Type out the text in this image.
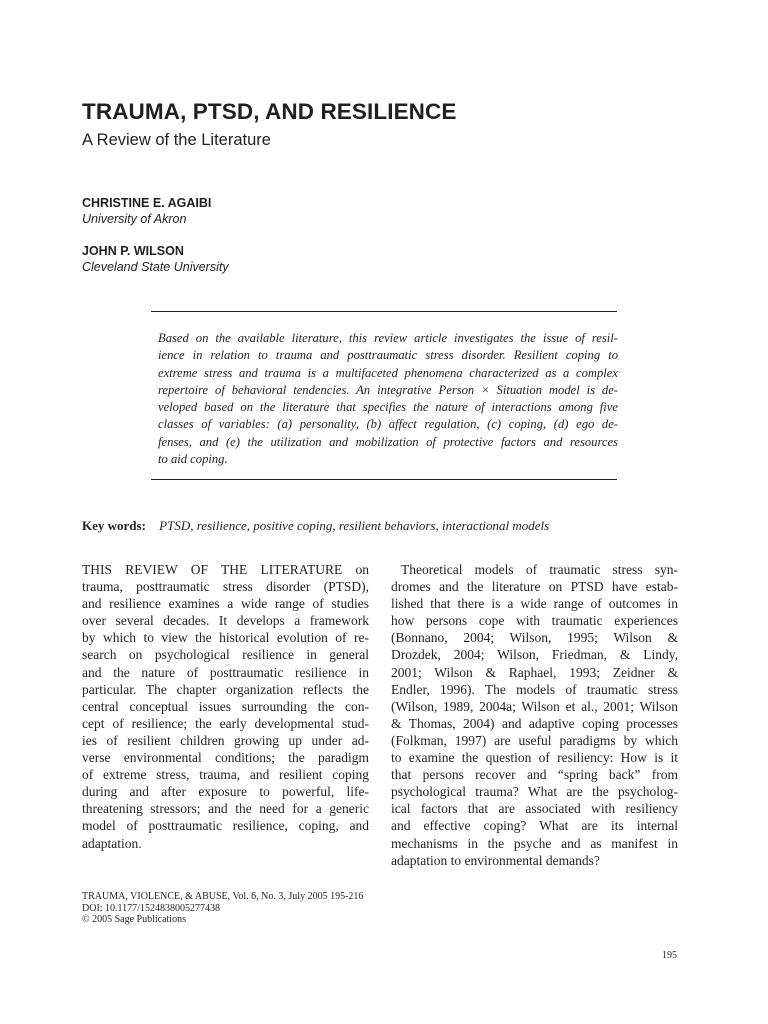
TRAUMA, PTSD, AND RESILIENCE
A Review of the Literature
CHRISTINE E. AGAIBI
University of Akron
JOHN P. WILSON
Cleveland State University
Based on the available literature, this review article investigates the issue of resil-
ience in relation to trauma and posttraumatic stress disorder. Resilient coping to
extreme stress and trauma is a multifaceted phenomena characterized as a complex
repertoire of behavioral tendencies. An integrative Person × Situation model is de-
veloped based on the literature that specifies the nature of interactions among five
classes of variables: (a) personality, (b) affect regulation, (c) coping, (d) ego de-
fenses, and (e) the utilization and mobilization of protective factors and resources
to aid coping.
Key words: PTSD, resilience, positive coping, resilient behaviors, interactional models
THIS REVIEW OF THE LITERATURE on
trauma, posttraumatic stress disorder (PTSD),
and resilience examines a wide range of studies
over several decades. It develops a framework
by which to view the historical evolution of re-
search on psychological resilience in general
and the nature of posttraumatic resilience in
particular. The chapter organization reflects the
central conceptual issues surrounding the con-
cept of resilience; the early developmental stud-
ies of resilient children growing up under ad-
verse environmental conditions; the paradigm
of extreme stress, trauma, and resilient coping
during and after exposure to powerful, life-
threatening stressors; and the need for a generic
model of posttraumatic resilience, coping, and
adaptation.
Theoretical models of traumatic stress syn-
dromes and the literature on PTSD have estab-
lished that there is a wide range of outcomes in
how persons cope with traumatic experiences
(Bonnano, 2004; Wilson, 1995; Wilson &
Drozdek, 2004; Wilson, Friedman, & Lindy,
2001; Wilson & Raphael, 1993; Zeidner &
Endler, 1996). The models of traumatic stress
(Wilson, 1989, 2004a; Wilson et al., 2001; Wilson
& Thomas, 2004) and adaptive coping processes
(Folkman, 1997) are useful paradigms by which
to examine the question of resiliency: How is it
that persons recover and “spring back” from
psychological trauma? What are the psycholog-
ical factors that are associated with resiliency
and effective coping? What are its internal
mechanisms in the psyche and as manifest in
adaptation to environmental demands?
TRAUMA, VIOLENCE, & ABUSE, Vol. 6, No. 3, July 2005 195-216
DOI: 10.1177/1524838005277438
© 2005 Sage Publications
195
